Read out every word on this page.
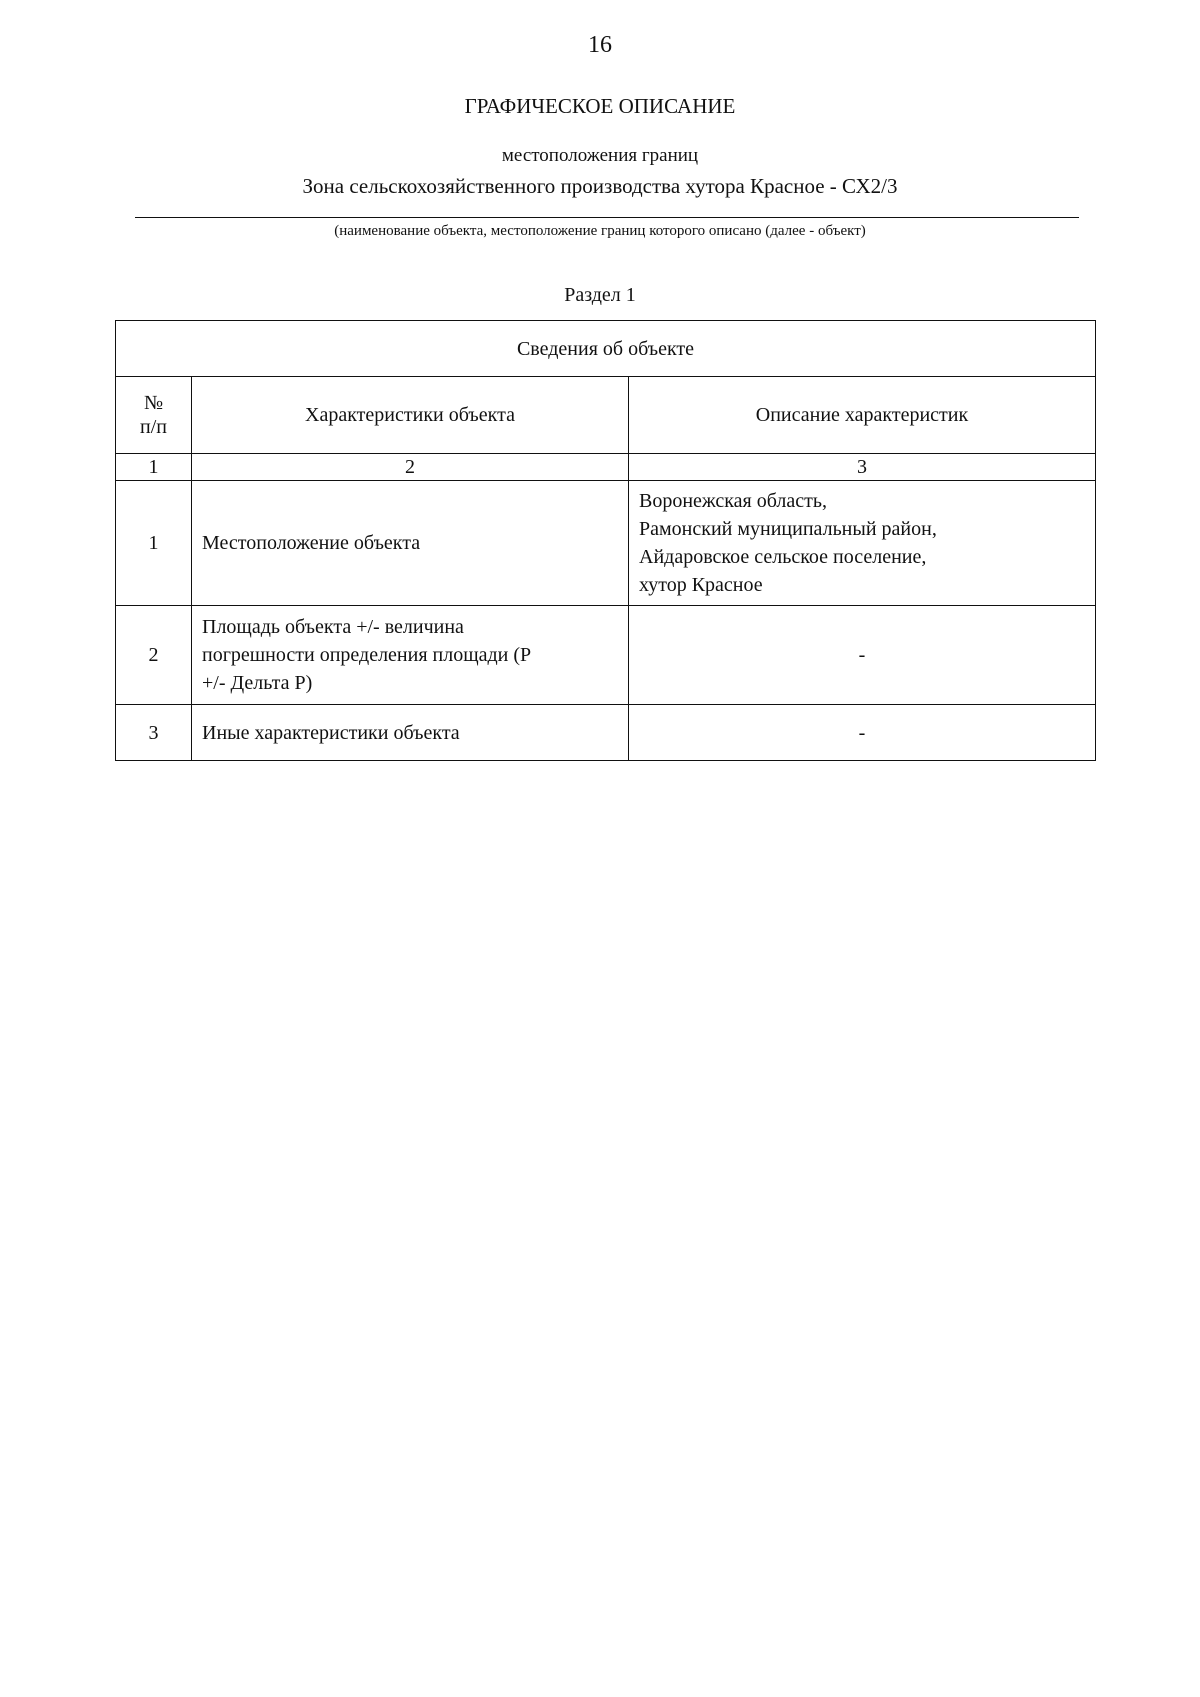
16
ГРАФИЧЕСКОЕ ОПИСАНИЕ
местоположения границ
Зона сельскохозяйственного производства хутора Красное - СХ2/3
(наименование объекта, местоположение границ которого описано (далее - объект)
Раздел 1
Сведения об объекте		

№
п/п	Характеристики объекта	Описание характеристик
1	2	3
1	Местоположение объекта	Воронежская область,
Рамонский муниципальный район,
Айдаровское сельское поселение,
хутор Красное

2	Площадь объекта +/- величина
погрешности определения площади (P
+/- Дельта P)	-
3	Иные характеристики объекта	-
